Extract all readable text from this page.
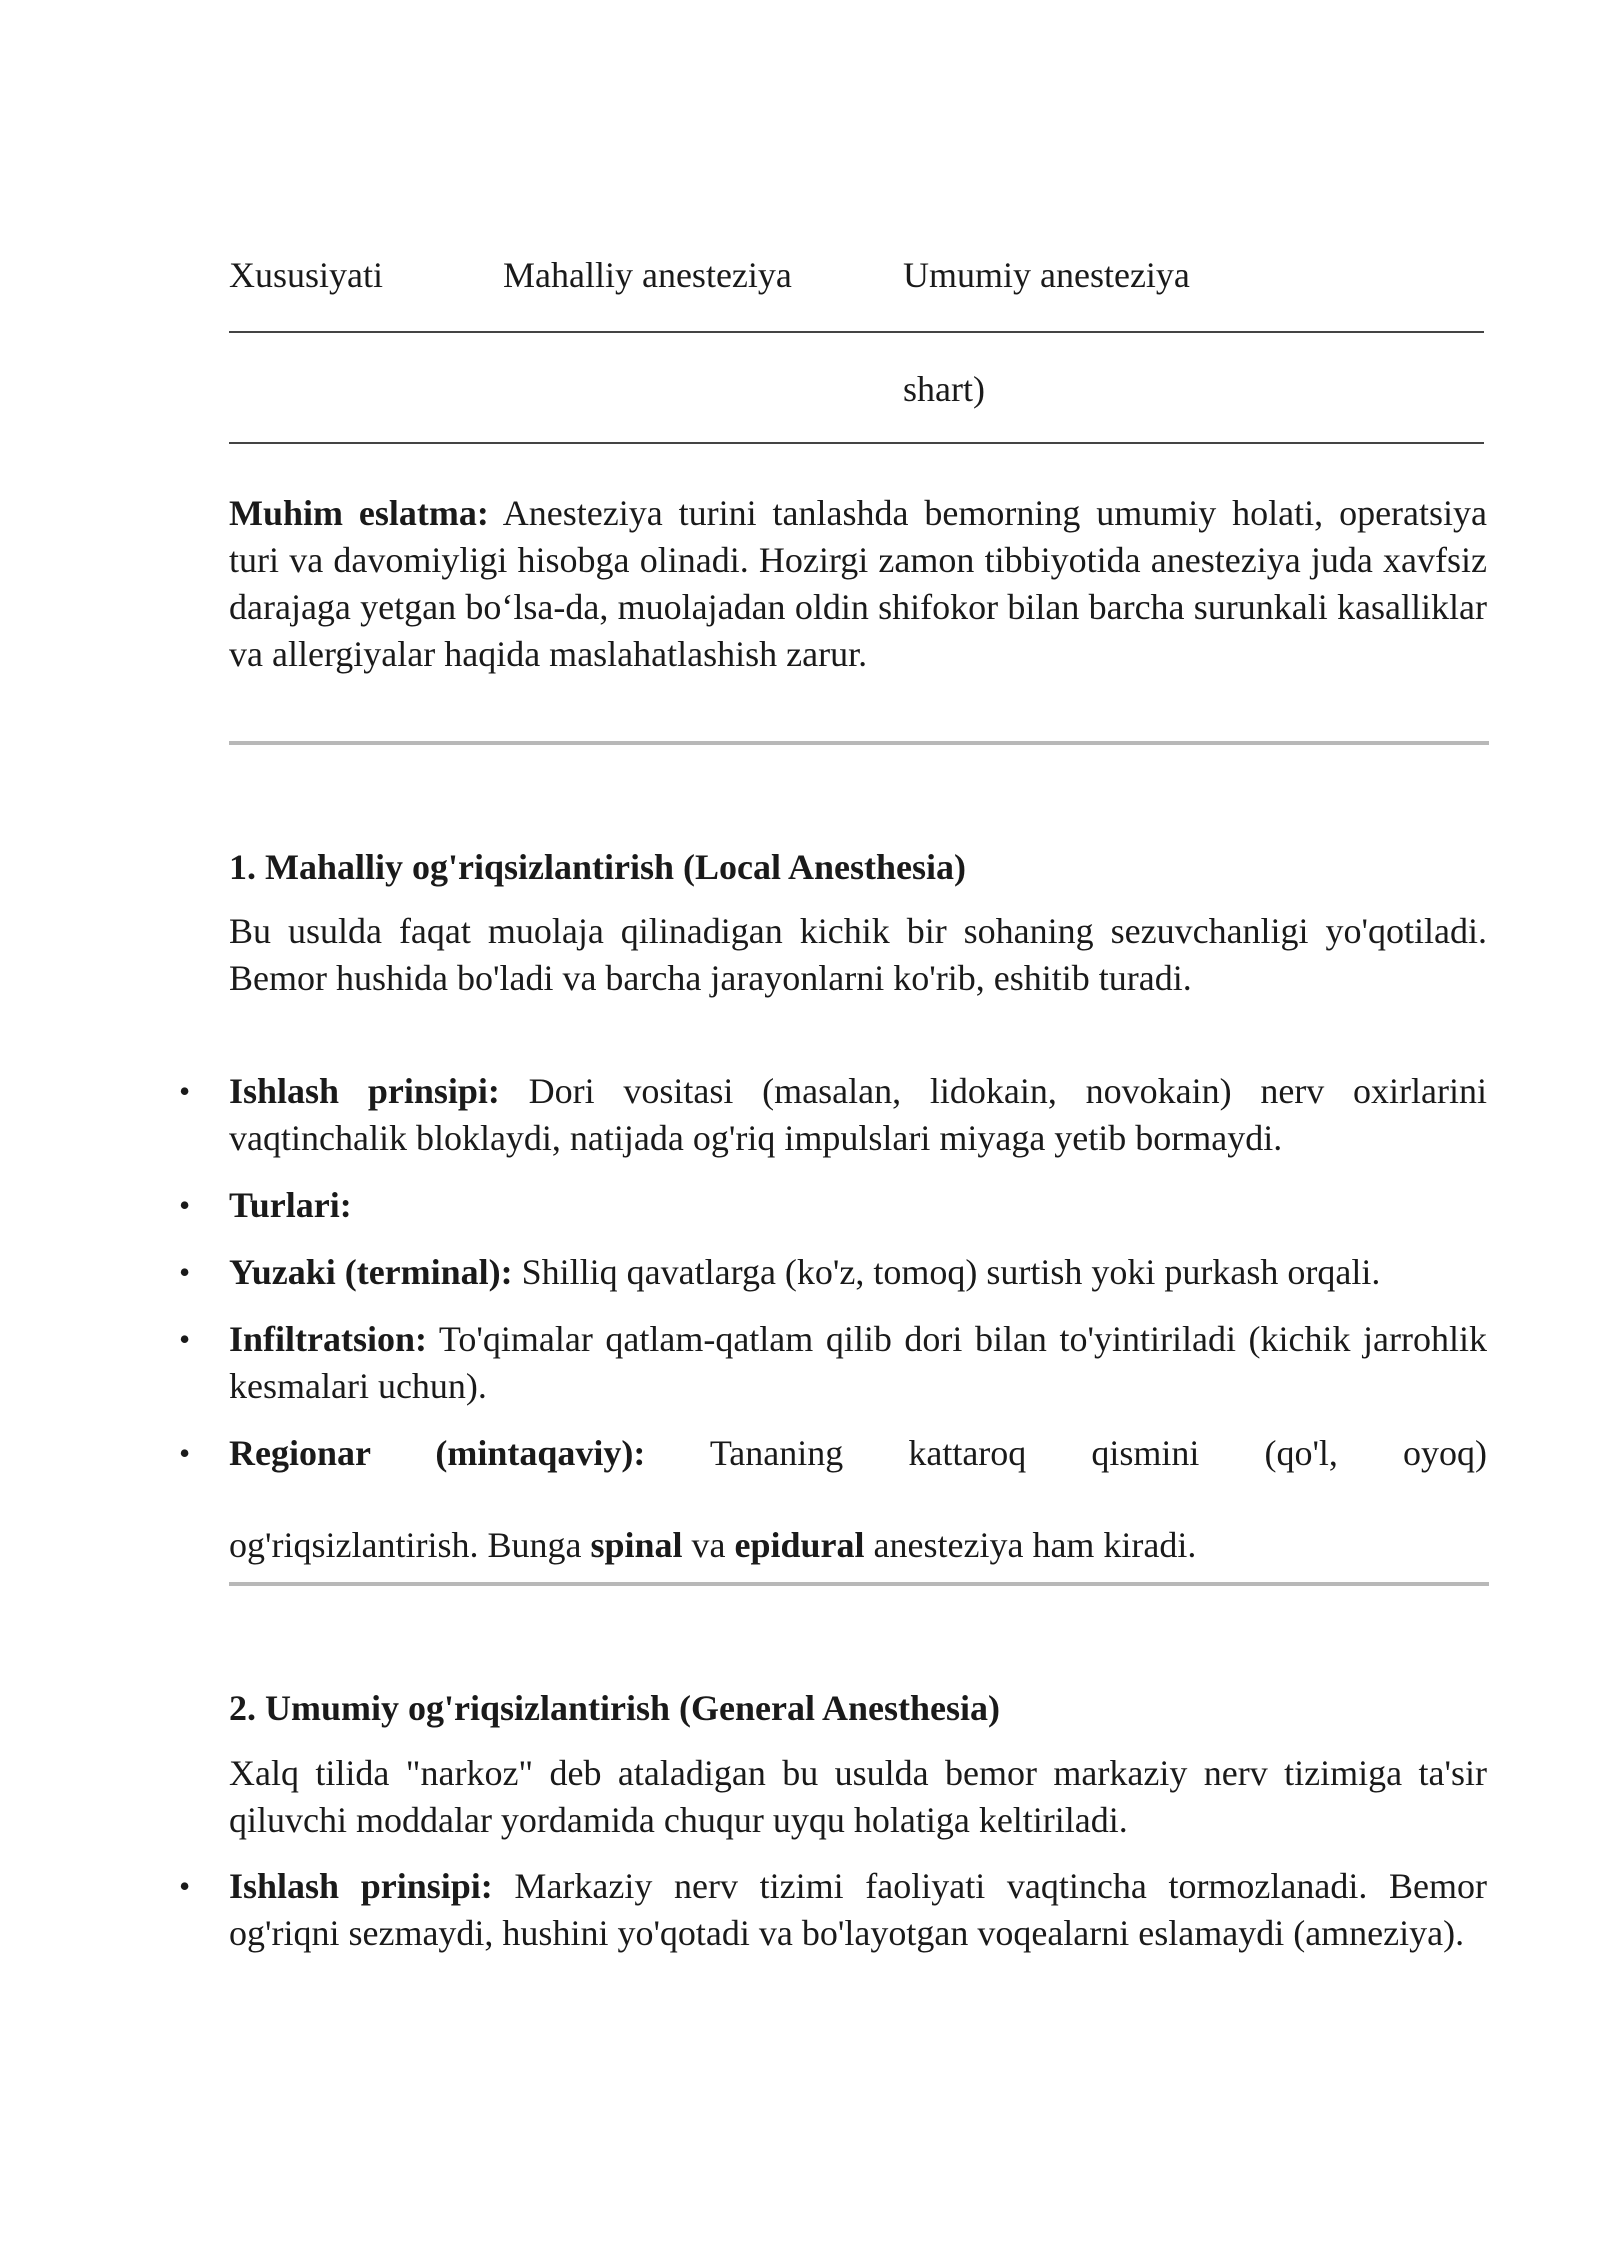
Xususiyati	Mahalliy anesteziya	Umumiy anesteziya
shart)
Muhim eslatma: Anesteziya turini tanlashda bemorning umumiy holati, operatsiya turi va davomiyligi hisobga olinadi. Hozirgi zamon tibbiyotida anesteziya juda xavfsiz darajaga yetgan bo‘lsa-da, muolajadan oldin shifokor bilan barcha surunkali kasalliklar va allergiyalar haqida maslahatlashish zarur.
1. Mahalliy og'riqsizlantirish (Local Anesthesia)
Bu usulda faqat muolaja qilinadigan kichik bir sohaning sezuvchanligi yo'qotiladi. Bemor hushida bo'ladi va barcha jarayonlarni ko'rib, eshitib turadi.
• Ishlash prinsipi: Dori vositasi (masalan, lidokain, novokain) nerv oxirlarini vaqtinchalik bloklaydi, natijada og'riq impulslari miyaga yetib bormaydi.
• Turlari:
• Yuzaki (terminal): Shilliq qavatlarga (ko'z, tomoq) surtish yoki purkash orqali.
• Infiltratsion: To'qimalar qatlam-qatlam qilib dori bilan to'yintiriladi (kichik jarrohlik kesmalari uchun).
• Regionar (mintaqaviy): Tananing kattaroq qismini (qo'l, oyoq)
og'riqsizlantirish. Bunga spinal va epidural anesteziya ham kiradi.
2. Umumiy og'riqsizlantirish (General Anesthesia)
Xalq tilida "narkoz" deb ataladigan bu usulda bemor markaziy nerv tizimiga ta'sir qiluvchi moddalar yordamida chuqur uyqu holatiga keltiriladi.
• Ishlash prinsipi: Markaziy nerv tizimi faoliyati vaqtincha tormozlanadi. Bemor og'riqni sezmaydi, hushini yo'qotadi va bo'layotgan voqealarni eslamaydi (amneziya).
